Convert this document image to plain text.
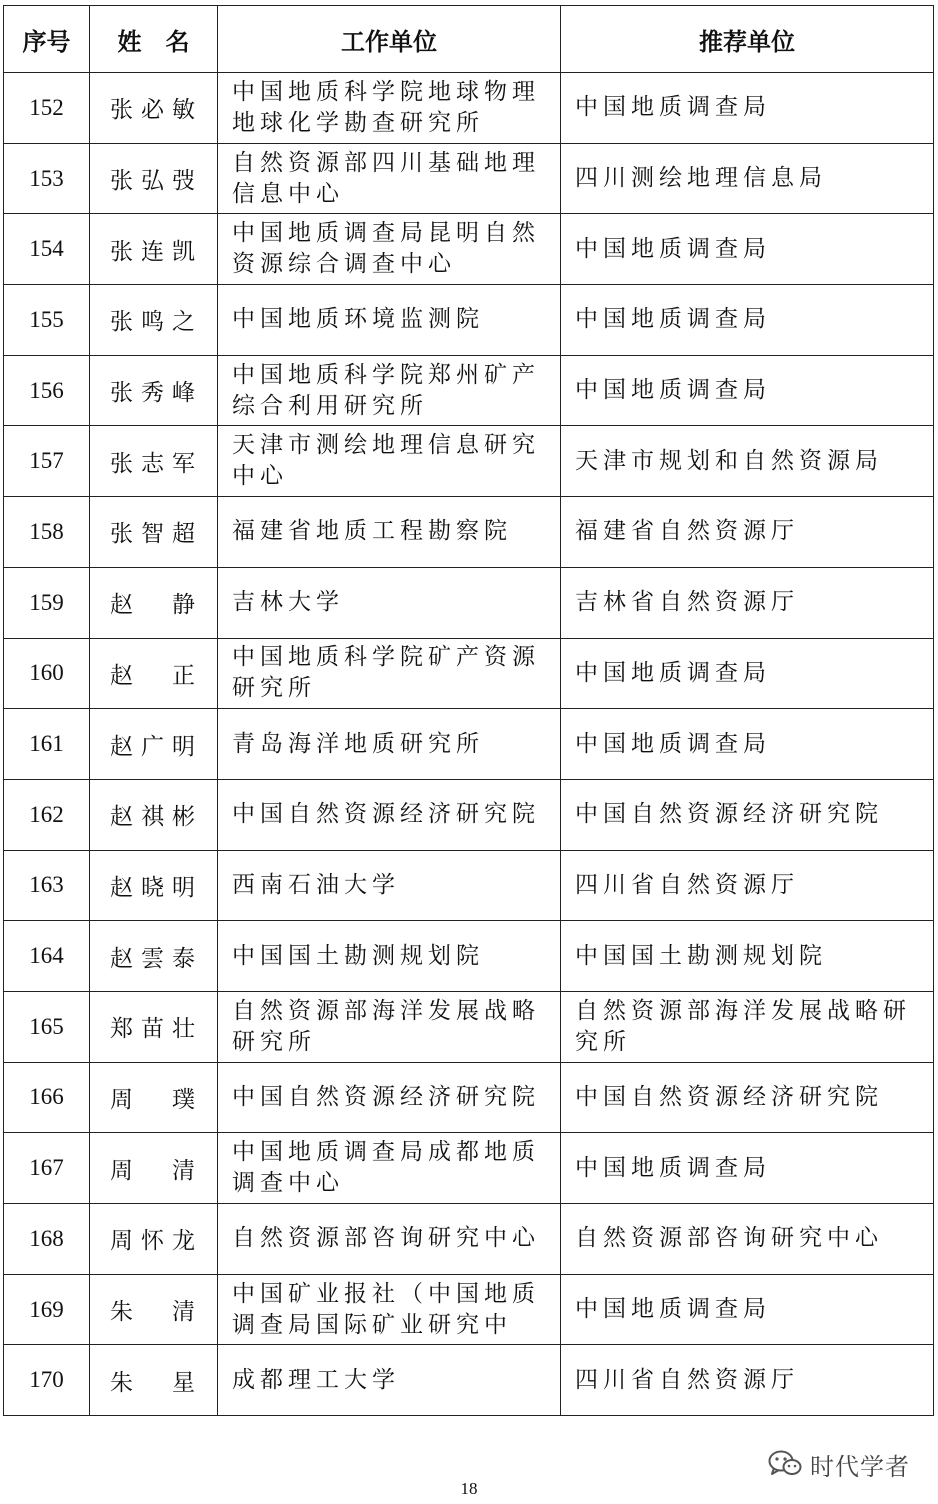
序号	姓　名	工作单位	推荐单位
152	张必敏	中国地质科学院地球物理地球化学勘查研究所	中国地质调查局

153	张弘弢	自然资源部四川基础地理信息中心	四川测绘地理信息局

154	张连凯	中国地质调查局昆明自然资源综合调查中心	中国地质调查局

155	张鸣之	中国地质环境监测院	中国地质调查局

156	张秀峰	中国地质科学院郑州矿产综合利用研究所	中国地质调查局

157	张志军	天津市测绘地理信息研究中心	天津市规划和自然资源局

158	张智超	福建省地质工程勘察院	福建省自然资源厅

159	赵　静	吉林大学	吉林省自然资源厅

160	赵　正	中国地质科学院矿产资源研究所	中国地质调查局

161	赵广明	青岛海洋地质研究所	中国地质调查局

162	赵祺彬	中国自然资源经济研究院	中国自然资源经济研究院

163	赵晓明	西南石油大学	四川省自然资源厅

164	赵雲泰	中国国土勘测规划院	中国国土勘测规划院

165	郑苗壮	自然资源部海洋发展战略研究所	自然资源部海洋发展战略研究所

166	周　璞	中国自然资源经济研究院	中国自然资源经济研究院

167	周　清	中国地质调查局成都地质调查中心	中国地质调查局

168	周怀龙	自然资源部咨询研究中心	自然资源部咨询研究中心

169	朱　清	中国矿业报社（中国地质调查局国际矿业研究中	中国地质调查局

170	朱　星	成都理工大学	四川省自然资源厅
时代学者
18
